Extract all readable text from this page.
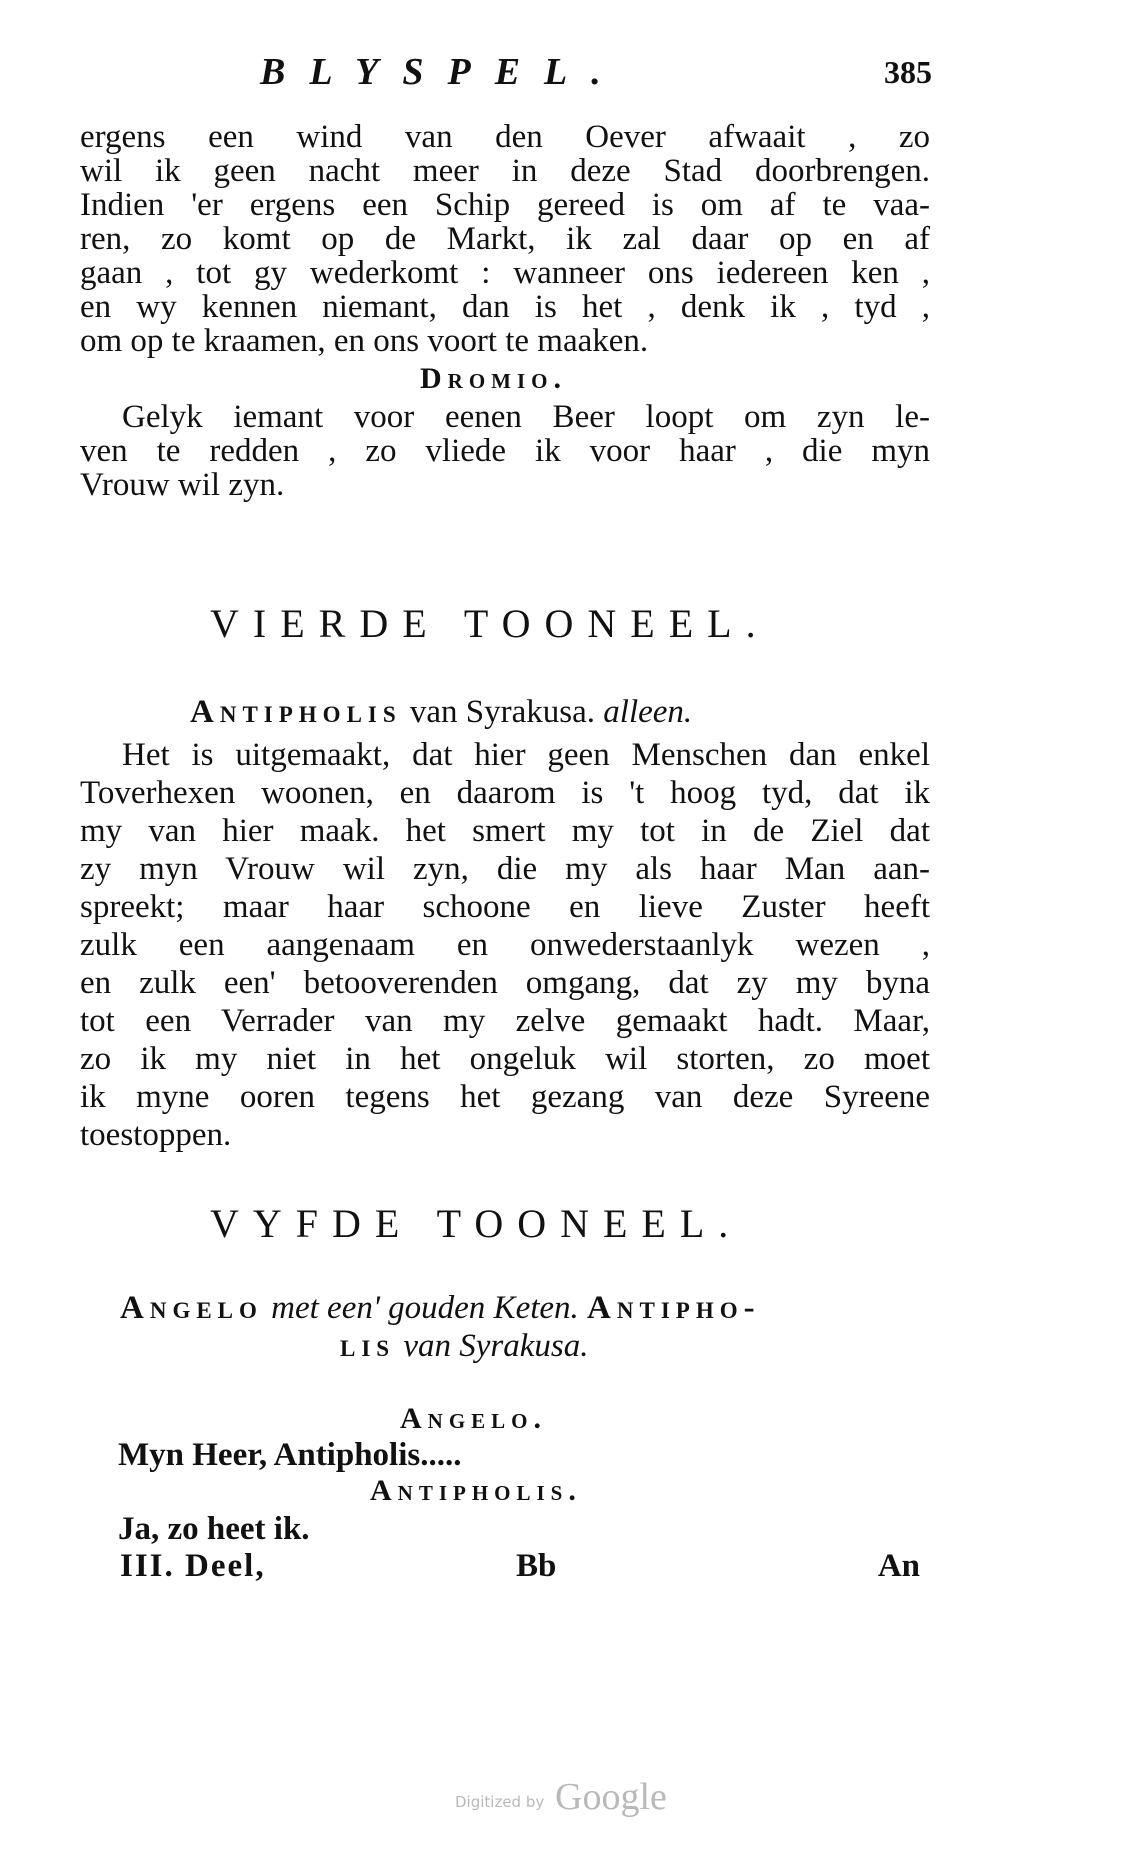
BLYSPEL.	385
ergens een wind van den Oever afwaait , zo
wil ik geen nacht meer in deze Stad doorbrengen.
Indien 'er ergens een Schip gereed is om af te vaa-
ren, zo komt op de Markt, ik zal daar op en af
gaan , tot gy wederkomt : wanneer ons iedereen ken ,
en wy kennen niemant, dan is het , denk ik , tyd ,
om op te kraamen, en ons voort te maaken.
Dromio.
Gelyk iemant voor eenen Beer loopt om zyn le-
ven te redden , zo vliede ik voor haar , die myn
Vrouw wil zyn.
VIERDE TOONEEL.
Antipholis van Syrakusa. alleen.
Het is uitgemaakt, dat hier geen Menschen dan enkel
Toverhexen woonen, en daarom is 't hoog tyd, dat ik
my van hier maak. het smert my tot in de Ziel dat
zy myn Vrouw wil zyn, die my als haar Man aan-
spreekt; maar haar schoone en lieve Zuster heeft
zulk een aangenaam en onwederstaanlyk wezen ,
en zulk een' betooverenden omgang, dat zy my byna
tot een Verrader van my zelve gemaakt hadt. Maar,
zo ik my niet in het ongeluk wil storten, zo moet
ik myne ooren tegens het gezang van deze Syreene
toestoppen.
VYFDE TOONEEL.
Angelo met een' gouden Keten. Antipho-
lis van Syrakusa.
Angelo.
Myn Heer, Antipholis.....
Antipholis.
Ja, zo heet ik.
III. Deel,	Bb	An
Digitized by Google
